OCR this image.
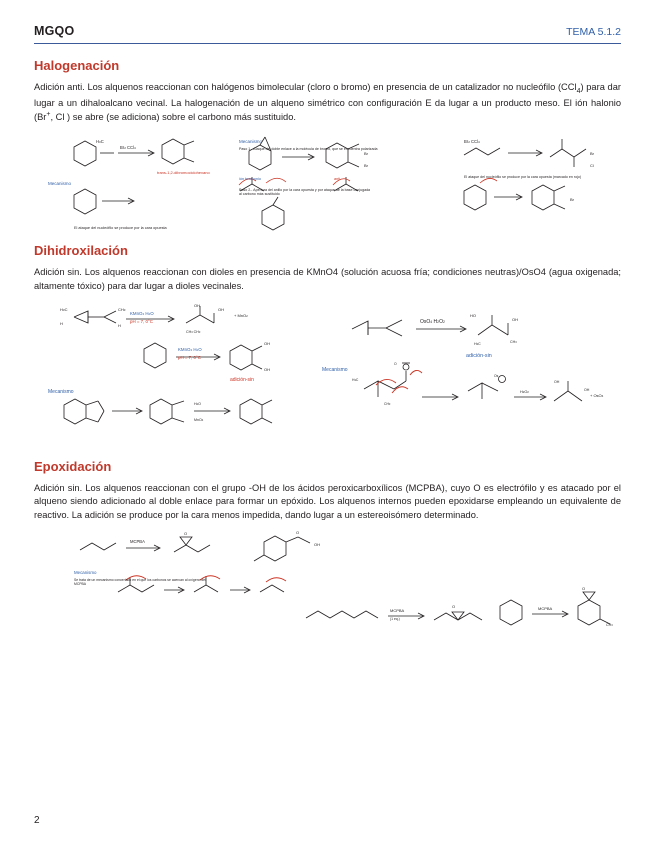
MGQO	TEMA 5.1.2
Halogenación

Adición anti. Los alquenos reaccionan con halógenos bimolecular (cloro o bromo) en presencia de un catalizador no nucleófilo (CCl$_4$) para dar lugar a un dihaloalcano vecinal. La halogenación de un alqueno simétrico con configuración E da lugar a un producto meso. El ión halonio (Br+, Cl ) se abre (se adiciona) sobre el carbono más sustituido.

H3C
Br2 CCl4
trans-1,2-dibromociclohexano
Mecanismo
Paso 1.- Ataque del doble enlace a la molécula de bromo, que se encuentra polarizada
ión bromonio	anti
Br
Br
Br2 CCl4
Br
Cl
El ataque del nucleófilo se produce por la cara opuesta (marcado en rojo)
Mecanismo
Paso 2.- Apertura del anillo por la cara opuesta y por ataque de la base conjugada
al carbono más sustituido
El ataque del nucleófilo se produce por la cara opuesta
Br
Dihidroxilación

Adición sin. Los alquenos reaccionan con dioles en presencia de KMnO4 (solución acuosa fría; condiciones neutras)/OsO4 (agua oxigenada; altamente tóxico) para dar lugar a dioles vecinales.

H3C	CH3
H
H
KMnO4 H2O
pH = 7, 0°C
OH
OH
CH3 CH3
+ MnO2
KMnO4 H2O
pH = 7, 0°C
OH
OH
adición-sin
Mecanismo
H2O
MnO4
OsO4 H2O2
HO
OH
H3C	CH3
adición-sin
Mecanismo
H3C
CH3
H2O2
OH
OH
+ OsO4
Os
O
Epoxidación

Adición sin. Los alquenos reaccionan con el grupo -OH de los ácidos peroxicarboxílicos (MCPBA), cuyo O es electrófilo y es atacado por el alqueno siendo adicionado al doble enlace para formar un epóxido. Los alquenos internos pueden epoxidarse empleando un equivalente de reactivo. La adición se produce por la cara menos impedida, dando lugar a un estereoisómero determinado.

MCPBA
O	O
OH
Mecanismo
Se trata de un mecanismo concertado en el que los carbonos se acercan al oxígeno del
MCPBA
MCPBA
(1 eq.)
O	MCPBA
O
CH3
2
